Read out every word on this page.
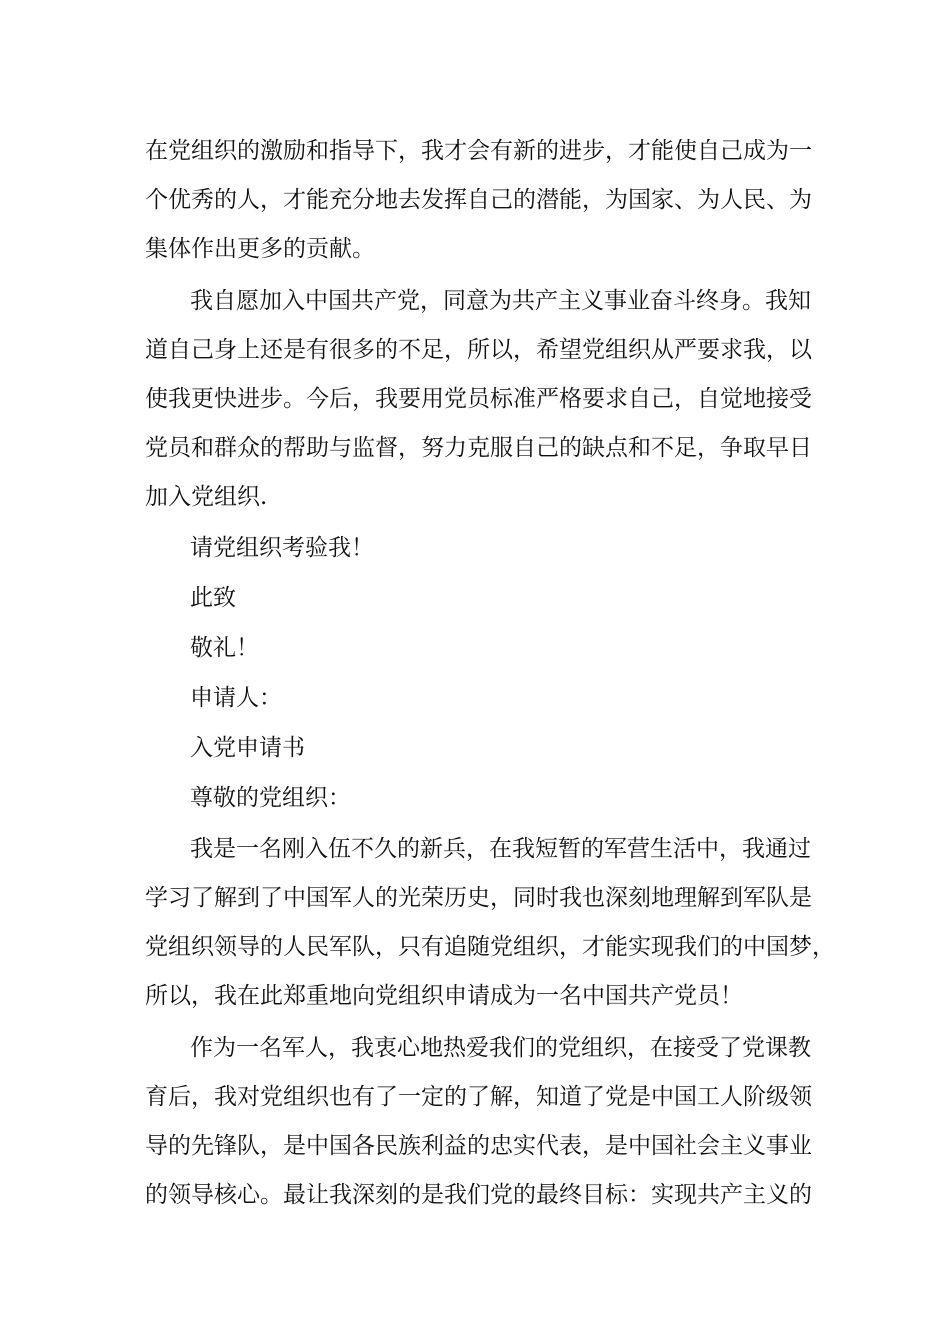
在党组织的激励和指导下，我才会有新的进步，才能使自己成为一
个优秀的人，才能充分地去发挥自己的潜能，为国家、为人民、为
集体作出更多的贡献。
我自愿加入中国共产党，同意为共产主义事业奋斗终身。我知
道自己身上还是有很多的不足，所以，希望党组织从严要求我，以
使我更快进步。今后，我要用党员标准严格要求自己，自觉地接受
党员和群众的帮助与监督，努力克服自己的缺点和不足，争取早日
加入党组织.
请党组织考验我！
此致
敬礼！
申请人：
入党申请书
尊敬的党组织：
我是一名刚入伍不久的新兵，在我短暂的军营生活中，我通过
学习了解到了中国军人的光荣历史，同时我也深刻地理解到军队是
党组织领导的人民军队，只有追随党组织，才能实现我们的中国梦，
所以，我在此郑重地向党组织申请成为一名中国共产党员！
作为一名军人，我衷心地热爱我们的党组织，在接受了党课教
育后，我对党组织也有了一定的了解，知道了党是中国工人阶级领
导的先锋队，是中国各民族利益的忠实代表，是中国社会主义事业
的领导核心。最让我深刻的是我们党的最终目标：实现共产主义的
